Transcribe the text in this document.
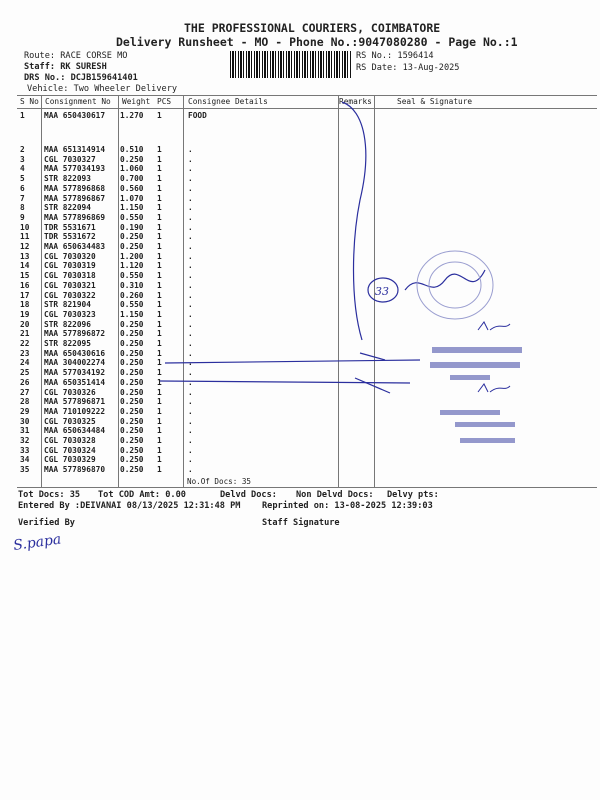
THE PROFESSIONAL COURIERS, COIMBATORE
Delivery Runsheet - MO - Phone No.:9047080280 - Page No.:1
Route: RACE CORSE MO
Staff: RK SURESH
DRS No.: DCJB159641401
Vehicle: Two Wheeler Delivery
RS No.: 1596414
RS Date: 13-Aug-2025
S No Consignment No Weight PCS Consignee Details	Remarks	Seal & Signature
1 MAA 650430617 1.270 1	FOOD
2 MAA 651314914 0.510 1	.
3 CGL 7030327	0.250 1	.
4 MAA 577034193 1.060 1	.
5 STR 822093	0.700 1	.
6 MAA 577896868 0.560 1	.
7 MAA 577896867 1.070 1	.
8 STR 822094	1.150 1	.
9 MAA 577896869 0.550 1	.
10 TDR 5531671	0.190 1	.
11 TDR 5531672	0.250 1	.
12 MAA 650634483 0.250 1	.
13 CGL 7030320	1.200 1	.
14 CGL 7030319	1.120 1	.
15 CGL 7030318	0.550 1	.
16 CGL 7030321	0.310 1	.
17 CGL 7030322	0.260 1	.
18 STR 821904	0.550 1	.
19 CGL 7030323	1.150 1	.
20 STR 822096	0.250 1	.
21 MAA 577896872 0.250 1	.
22 STR 822095	0.250 1	.
23 MAA 650430616 0.250 1	.
24 MAA 304002274 0.250 1	.
25 MAA 577034192 0.250 1	.
26 MAA 650351414 0.250 1	.
27 CGL 7030326	0.250 1	.
28 MAA 577896871 0.250 1	.
29 MAA 710109222 0.250 1	.
30 CGL 7030325	0.250 1	.
31 MAA 650634484 0.250 1	.
32 CGL 7030328	0.250 1	.
33 CGL 7030324	0.250 1	.
34 CGL 7030329	0.250 1	.
35 MAA 577896870 0.250 1	.
No.Of Docs: 35
Tot Docs: 35 Tot COD Amt: 0.00	Delvd Docs: Non Delvd Docs: Delvy pts:
Entered By :DEIVANAI 08/13/2025 12:31:48 PM	Reprinted on: 13-08-2025 12:39:03
Verified By	Staff Signature
33
S.papa
